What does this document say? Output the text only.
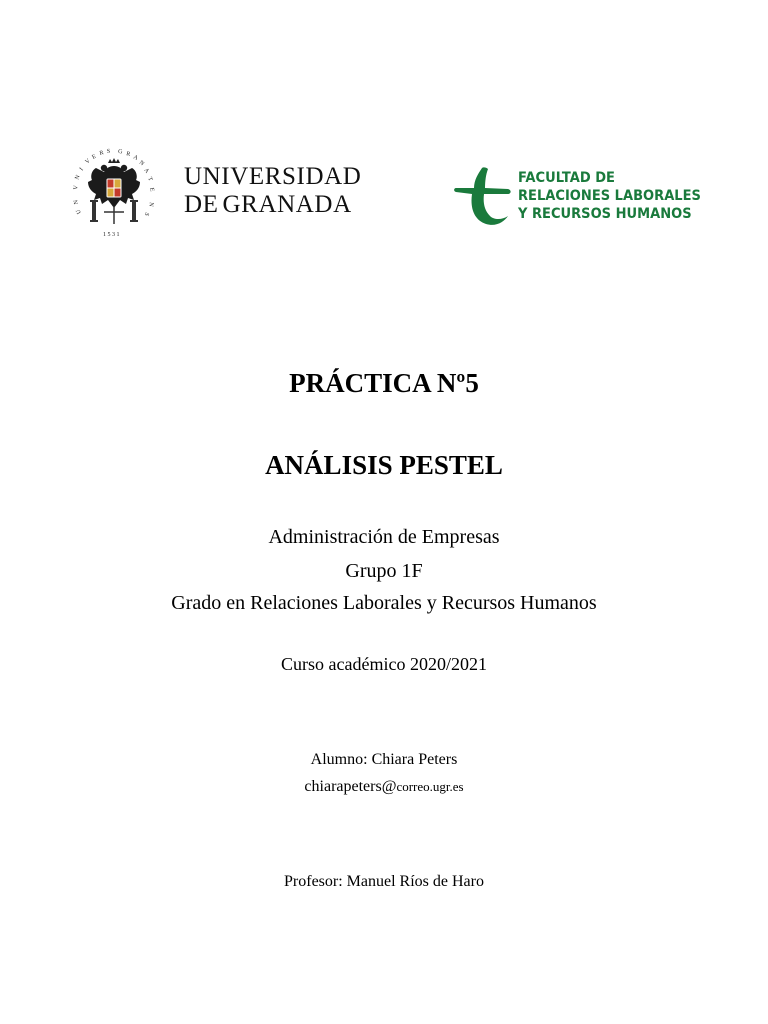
V
N
I
V
E
R S G R A
N
A
T
E
N
S
N
U
1 5 3 1
UNIVERSIDAD
DE GRANADA
FACULTAD DE
RELACIONES LABORALES
Y RECURSOS HUMANOS
PRÁCTICA Nº5
ANÁLISIS PESTEL
Administración de Empresas
Grupo 1F
Grado en Relaciones Laborales y Recursos Humanos
Curso académico 2020/2021
Alumno: Chiara Peters
chiarapeters@correo.ugr.es
Profesor: Manuel Ríos de Haro
